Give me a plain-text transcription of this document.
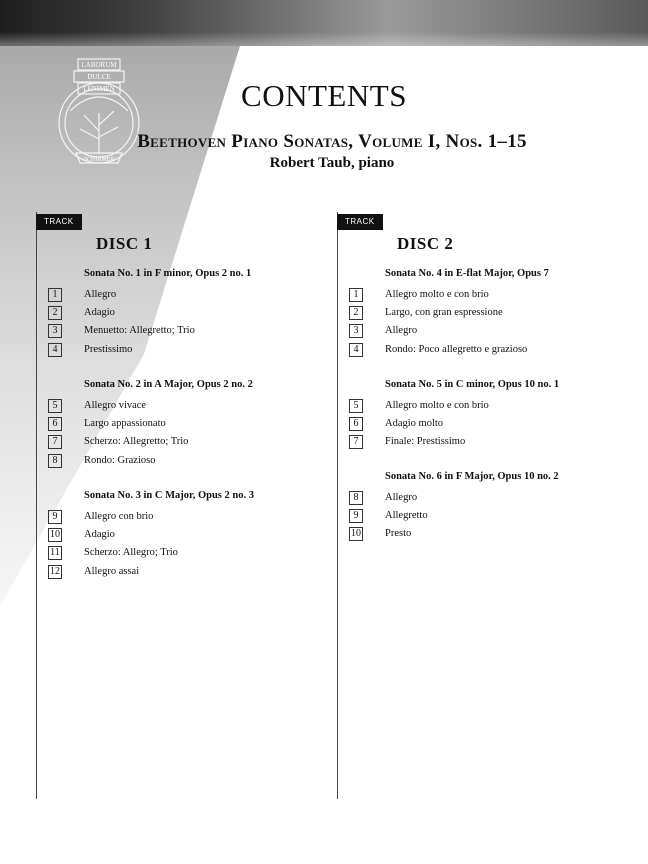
LABORUM
DULCE
LENIMEN
SCHIRMER
CONTENTS
Beethoven Piano Sonatas, Volume I, Nos. 1–15
Robert Taub, piano
TRACK
DISC 1
Sonata No. 1 in F minor, Opus 2 no. 1
1	Allegro
2	Adagio
3	Menuetto: Allegretto; Trio
4	Prestissimo
Sonata No. 2 in A Major, Opus 2 no. 2
5	Allegro vivace
6	Largo appassionato
7	Scherzo: Allegretto; Trio
8	Rondo: Grazioso
Sonata No. 3 in C Major, Opus 2 no. 3
9	Allegro con brio
10 Adagio
11 Scherzo: Allegro; Trio
12 Allegro assai
TRACK
DISC 2
Sonata No. 4 in E-flat Major, Opus 7
1	Allegro molto e con brio
2	Largo, con gran espressione
3	Allegro
4	Rondo: Poco allegretto e grazioso
Sonata No. 5 in C minor, Opus 10 no. 1
5	Allegro molto e con brio
6	Adagio molto
7	Finale: Prestissimo
Sonata No. 6 in F Major, Opus 10 no. 2
8	Allegro
9	Allegretto
10 Presto
